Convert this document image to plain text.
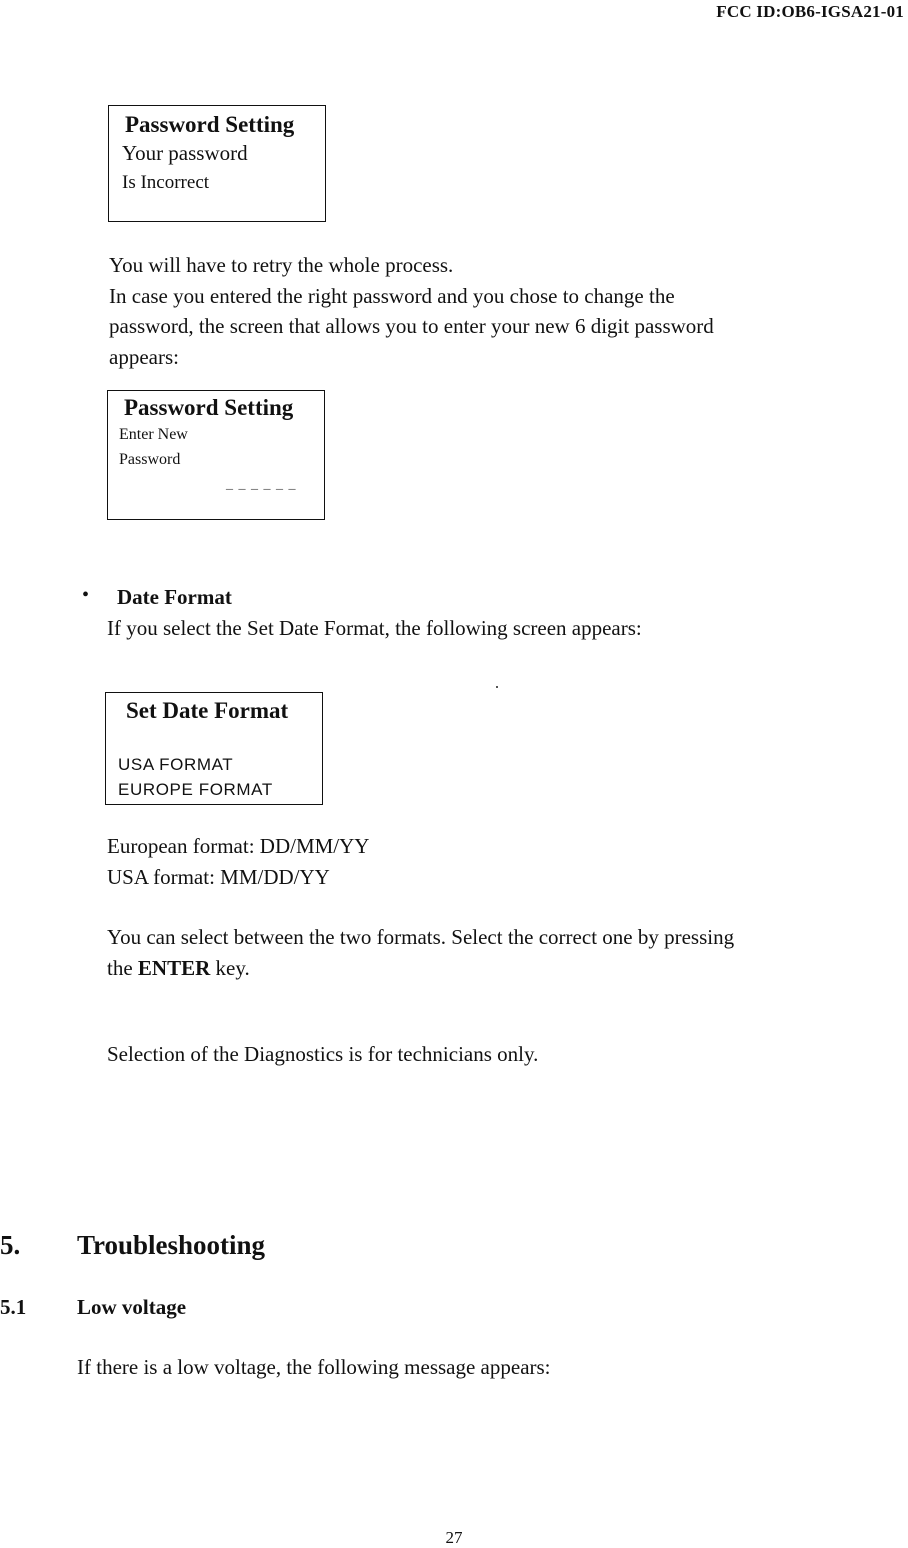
FCC ID:OB6-IGSA21-01
Password Setting
Your password
Is Incorrect
You will have to retry the whole process.
In case you entered the right password and you chose to change the
password, the screen that allows you to enter your new 6 digit password
appears:
Password Setting
Enter New
Password
_ _ _ _ _ _
• Date Format
If you select the Set Date Format, the following screen appears:
Set Date Format
USA FORMAT
EUROPE FORMAT
European format: DD/MM/YY
USA format: MM/DD/YY
You can select between the two formats. Select the correct one by pressing
the ENTER key.
Selection of the Diagnostics is for technicians only.
5. Troubleshooting
5.1 Low voltage
If there is a low voltage, the following message appears:
27
